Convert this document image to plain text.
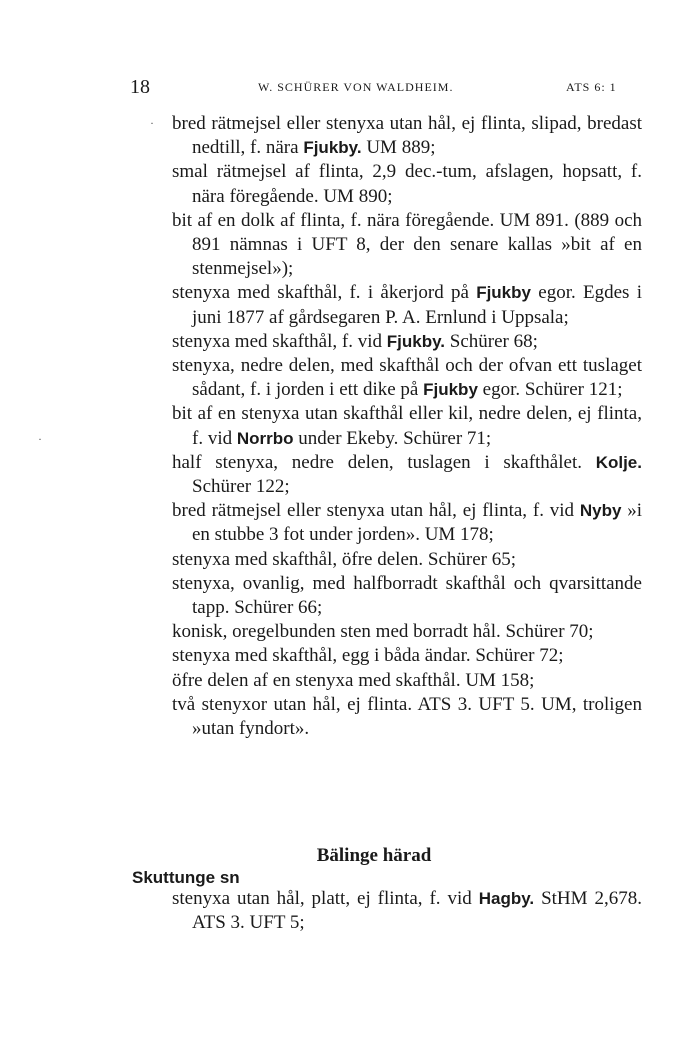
18	W. SCHÜRER VON WALDHEIM.	ATS 6: 1
·
·
bred rätmejsel eller stenyxa utan hål, ej flinta, slipad, bredast nedtill, f. nära Fjukby. UM 889;
smal rätmejsel af flinta, 2,9 dec.-tum, afslagen, hopsatt, f. nära föregående. UM 890;
bit af en dolk af flinta, f. nära föregående. UM 891. (889 och 891 nämnas i UFT 8, der den senare kallas »bit af en stenmejsel»);
stenyxa med skafthål, f. i åkerjord på Fjukby egor. Egdes i juni 1877 af gårdsegaren P. A. Ernlund i Uppsala;
stenyxa med skafthål, f. vid Fjukby. Schürer 68;
stenyxa, nedre delen, med skafthål och der ofvan ett tuslaget sådant, f. i jorden i ett dike på Fjukby egor. Schürer 121;
bit af en stenyxa utan skafthål eller kil, nedre delen, ej flinta, f. vid Norrbo under Ekeby. Schürer 71;
half stenyxa, nedre delen, tuslagen i skafthålet. Kolje. Schürer 122;
bred rätmejsel eller stenyxa utan hål, ej flinta, f. vid Nyby »i en stubbe 3 fot under jorden». UM 178;
stenyxa med skafthål, öfre delen. Schürer 65;
stenyxa, ovanlig, med halfborradt skafthål och qvarsittande tapp. Schürer 66;
konisk, oregelbunden sten med borradt hål. Schürer 70;
stenyxa med skafthål, egg i båda ändar. Schürer 72;
öfre delen af en stenyxa med skafthål. UM 158;
två stenyxor utan hål, ej flinta. ATS 3. UFT 5. UM, troligen »utan fyndort».
Bälinge härad
Skuttunge sn
stenyxa utan hål, platt, ej flinta, f. vid Hagby. StHM 2,678. ATS 3. UFT 5;
